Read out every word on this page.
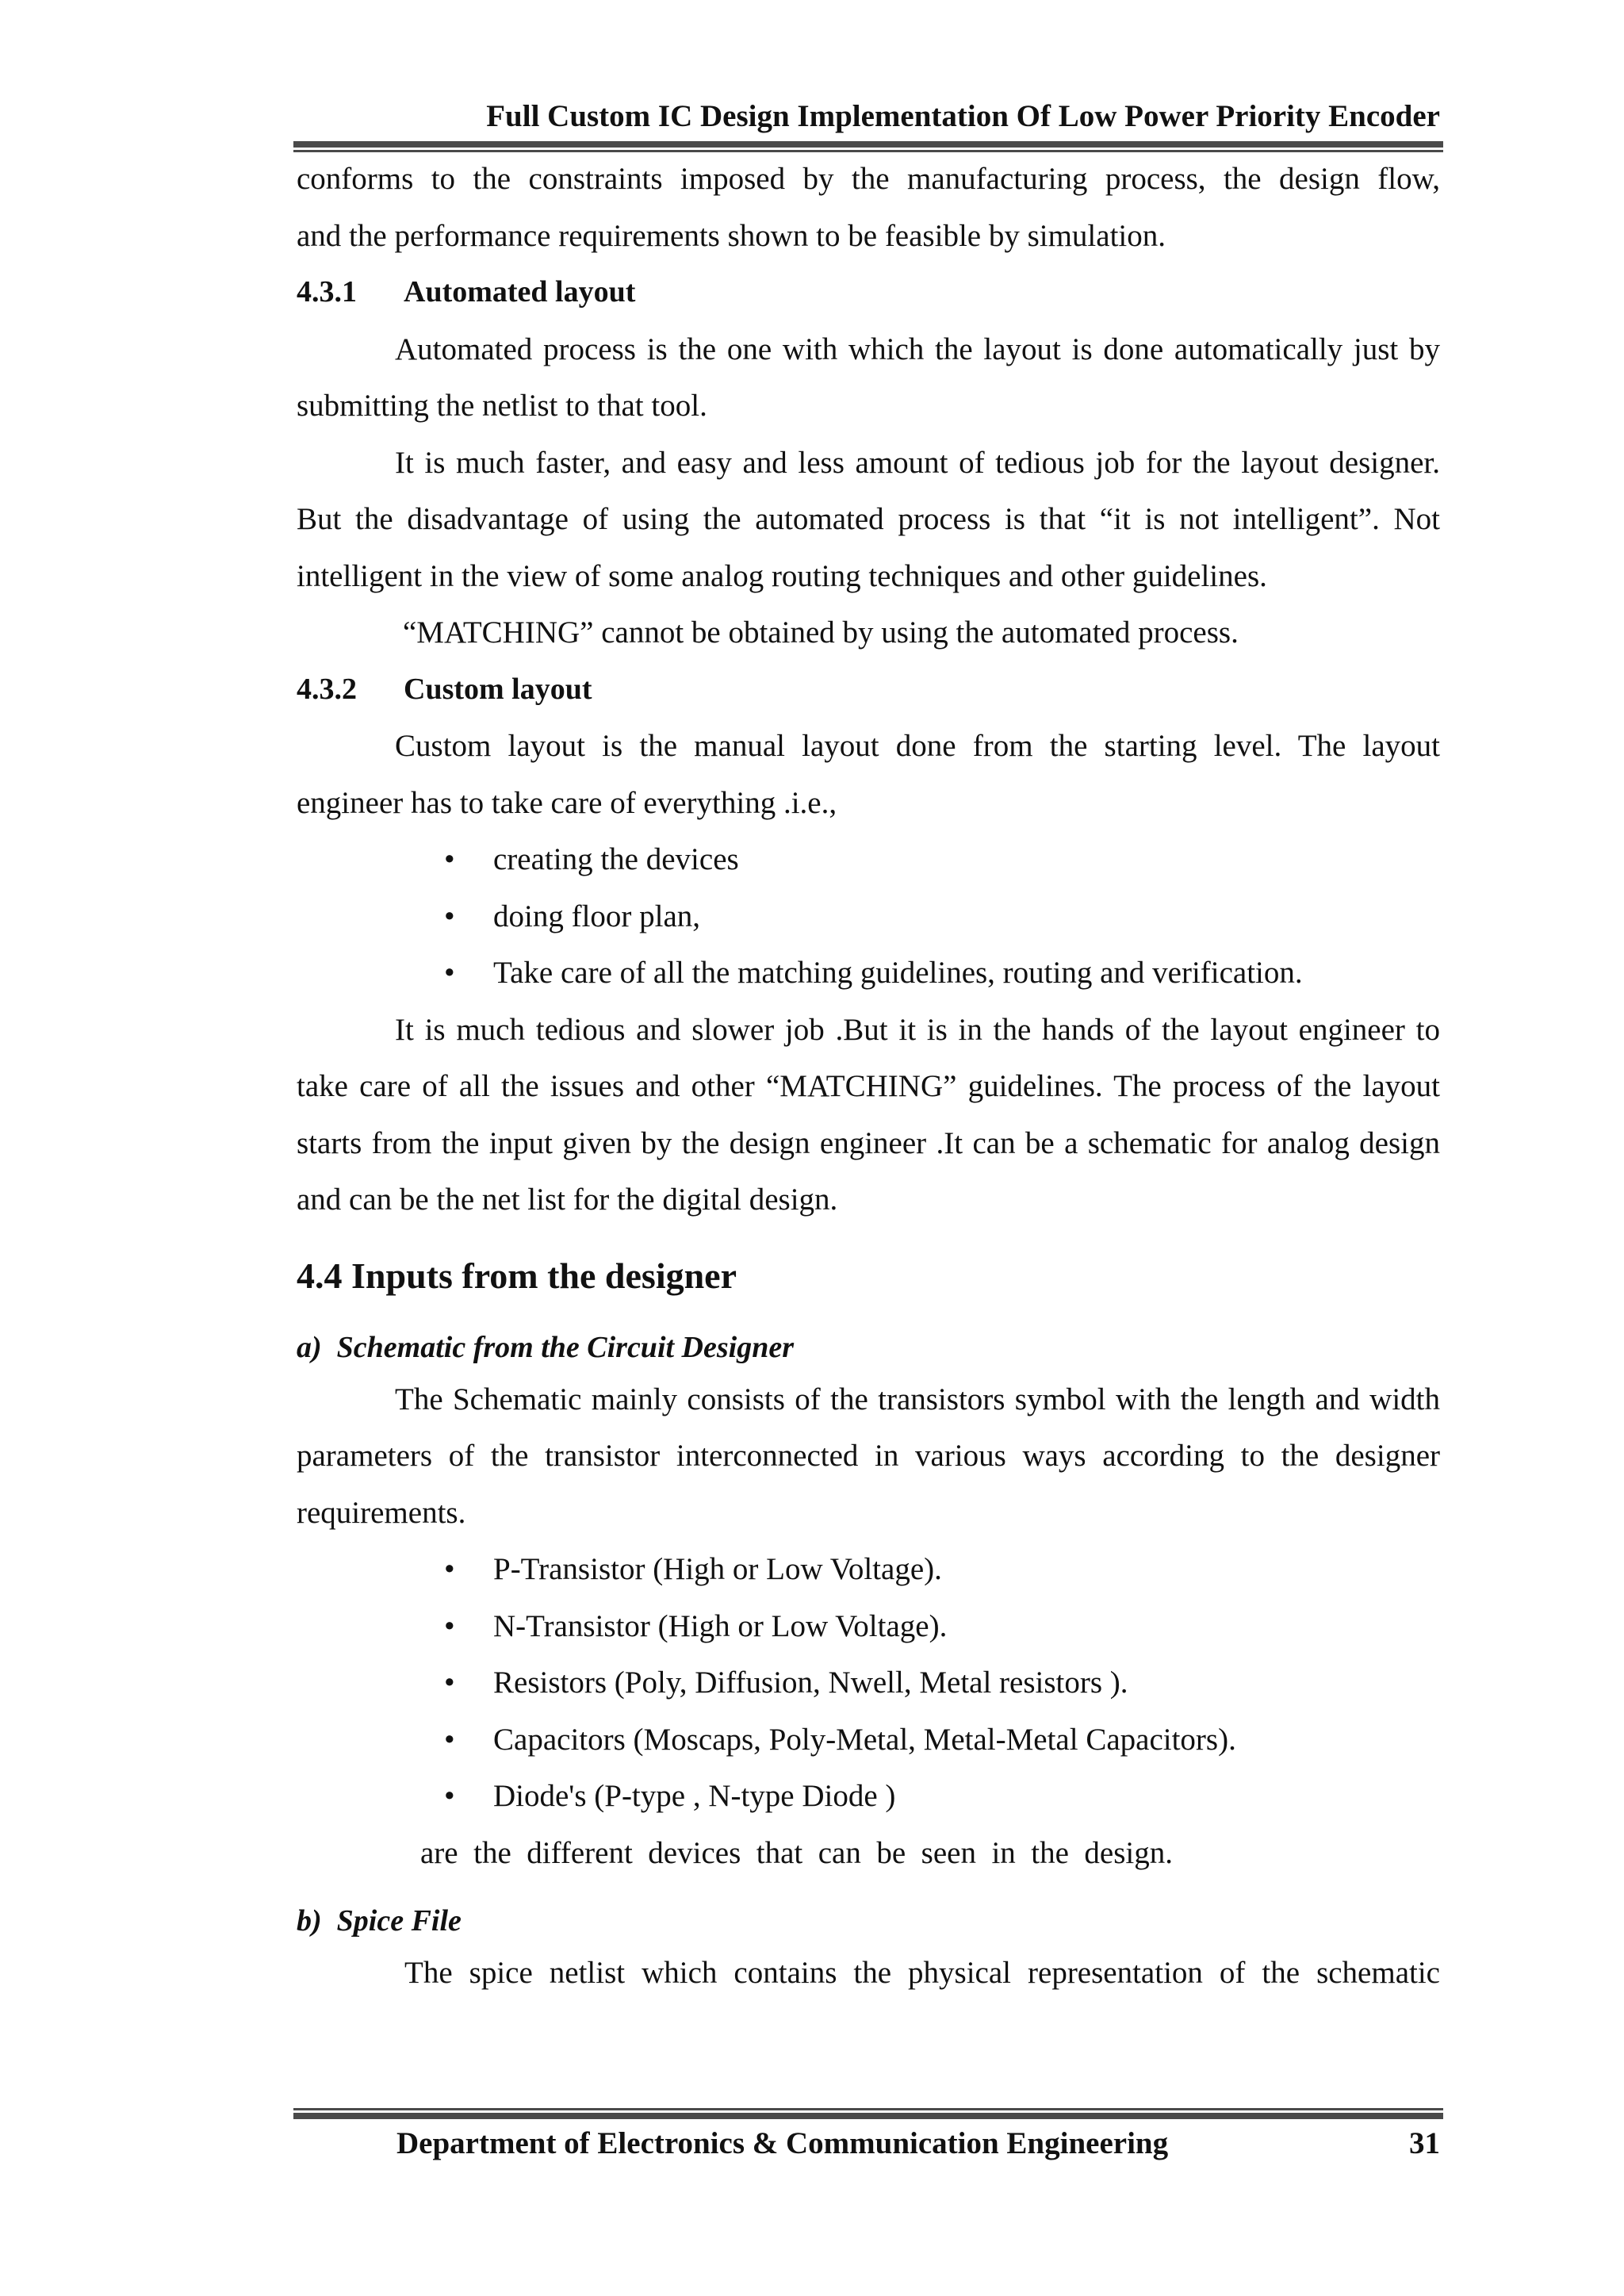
Full Custom IC Design Implementation Of Low Power Priority Encoder

conforms to the constraints imposed by the manufacturing process, the design flow,

and the performance requirements shown to be feasible by simulation.

4.3.1	Automated layout

Automated process is the one with which the layout is done automatically just by submitting the netlist to that tool.

It is much faster, and easy and less amount of tedious job for the layout designer. But the disadvantage of using the automated process is that “it is not intelligent”. Not intelligent in the view of some analog routing techniques and other guidelines.

“MATCHING” cannot be obtained by using the automated process.

4.3.2	Custom layout

Custom layout is the manual layout done from the starting level. The layout engineer has to take care of everything .i.e.,

• creating the devices
• doing floor plan,
• Take care of all the matching guidelines, routing and verification.

It is much tedious and slower job .But it is in the hands of the layout engineer to take care of all the issues and other “MATCHING” guidelines. The process of the layout starts from the input given by the design engineer .It can be a schematic for analog design and can be the net list for the digital design.

4.4 Inputs from the designer
a) Schematic from the Circuit Designer

The Schematic mainly consists of the transistors symbol with the length and width parameters of the transistor interconnected in various ways according to the designer requirements.

• P-Transistor (High or Low Voltage).
• N-Transistor (High or Low Voltage).
• Resistors (Poly, Diffusion, Nwell, Metal resistors ).
• Capacitors (Moscaps, Poly-Metal, Metal-Metal Capacitors).
• Diode's (P-type , N-type Diode )

are  the  different  devices  that  can  be  seen  in  the  design.

b) Spice File

The spice netlist which contains the physical representation of the schematic

Department of Electronics & Communication Engineering	31
